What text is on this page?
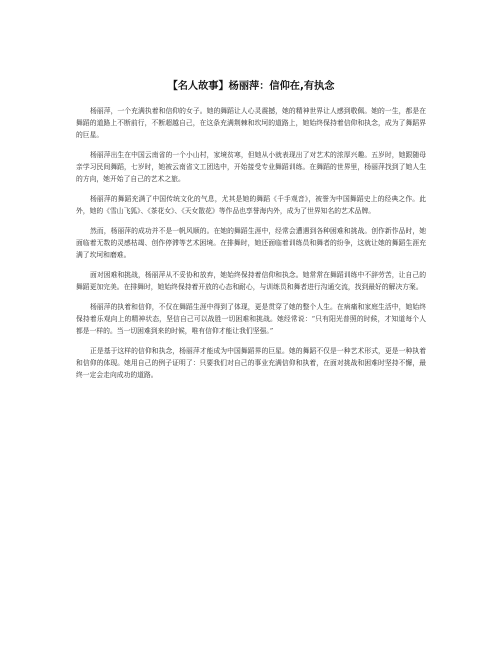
【名人故事】杨丽萍：信仰在,有执念

杨丽萍，一个充满执着和信仰的女子。她的舞蹈让人心灵震撼，她的精神世界让人感到敬佩。她的一生，都是在舞蹈的道路上不断前行，不断超越自己，在这条充满荆棘和坎坷的道路上，她始终保持着信仰和执念，成为了舞蹈界的巨星。

杨丽萍出生在中国云南省的一个小山村，家境贫寒，但她从小就表现出了对艺术的浓厚兴趣。五岁时，她跟随母亲学习民间舞蹈，七岁时，她被云南省文工团选中，开始接受专业舞蹈训练。在舞蹈的世界里，杨丽萍找到了她人生的方向，她开始了自己的艺术之旅。

杨丽萍的舞蹈充满了中国传统文化的气息，尤其是她的舞蹈《千手观音》，被誉为中国舞蹈史上的经典之作。此外，她的《雪山飞狐》、《茶花女》、《天女散花》等作品也享誉海内外，成为了世界知名的艺术品牌。

然而，杨丽萍的成功并不是一帆风顺的。在她的舞蹈生涯中，经常会遭遇到各种困难和挑战。创作新作品时，她面临着无数的灵感枯竭、创作停滞等艺术困境。在排舞时，她还面临着训练员和舞者的纷争，这就让她的舞蹈生涯充满了坎坷和磨难。

面对困难和挑战，杨丽萍从不妥协和放弃，她始终保持着信仰和执念。她常常在舞蹈训练中不辞劳苦，让自己的舞蹈更加完美。在排舞时，她始终保持着开放的心态和耐心，与训练员和舞者进行沟通交流，找到最好的解决方案。

杨丽萍的执着和信仰，不仅在舞蹈生涯中得到了体现，更是贯穿了她的整个人生。在病痛和家庭生活中，她始终保持着乐观向上的精神状态，坚信自己可以战胜一切困难和挑战。她经常说：“只有阳光普照的时候，才知道每个人都是一样的。当一切困难到来的时候，唯有信仰才能让我们坚强。”

正是基于这样的信仰和执念，杨丽萍才能成为中国舞蹈界的巨星。她的舞蹈不仅是一种艺术形式，更是一种执着和信仰的体现。她用自己的例子证明了：只要我们对自己的事业充满信仰和执着，在面对挑战和困难时坚持不懈，最终一定会走向成功的道路。
